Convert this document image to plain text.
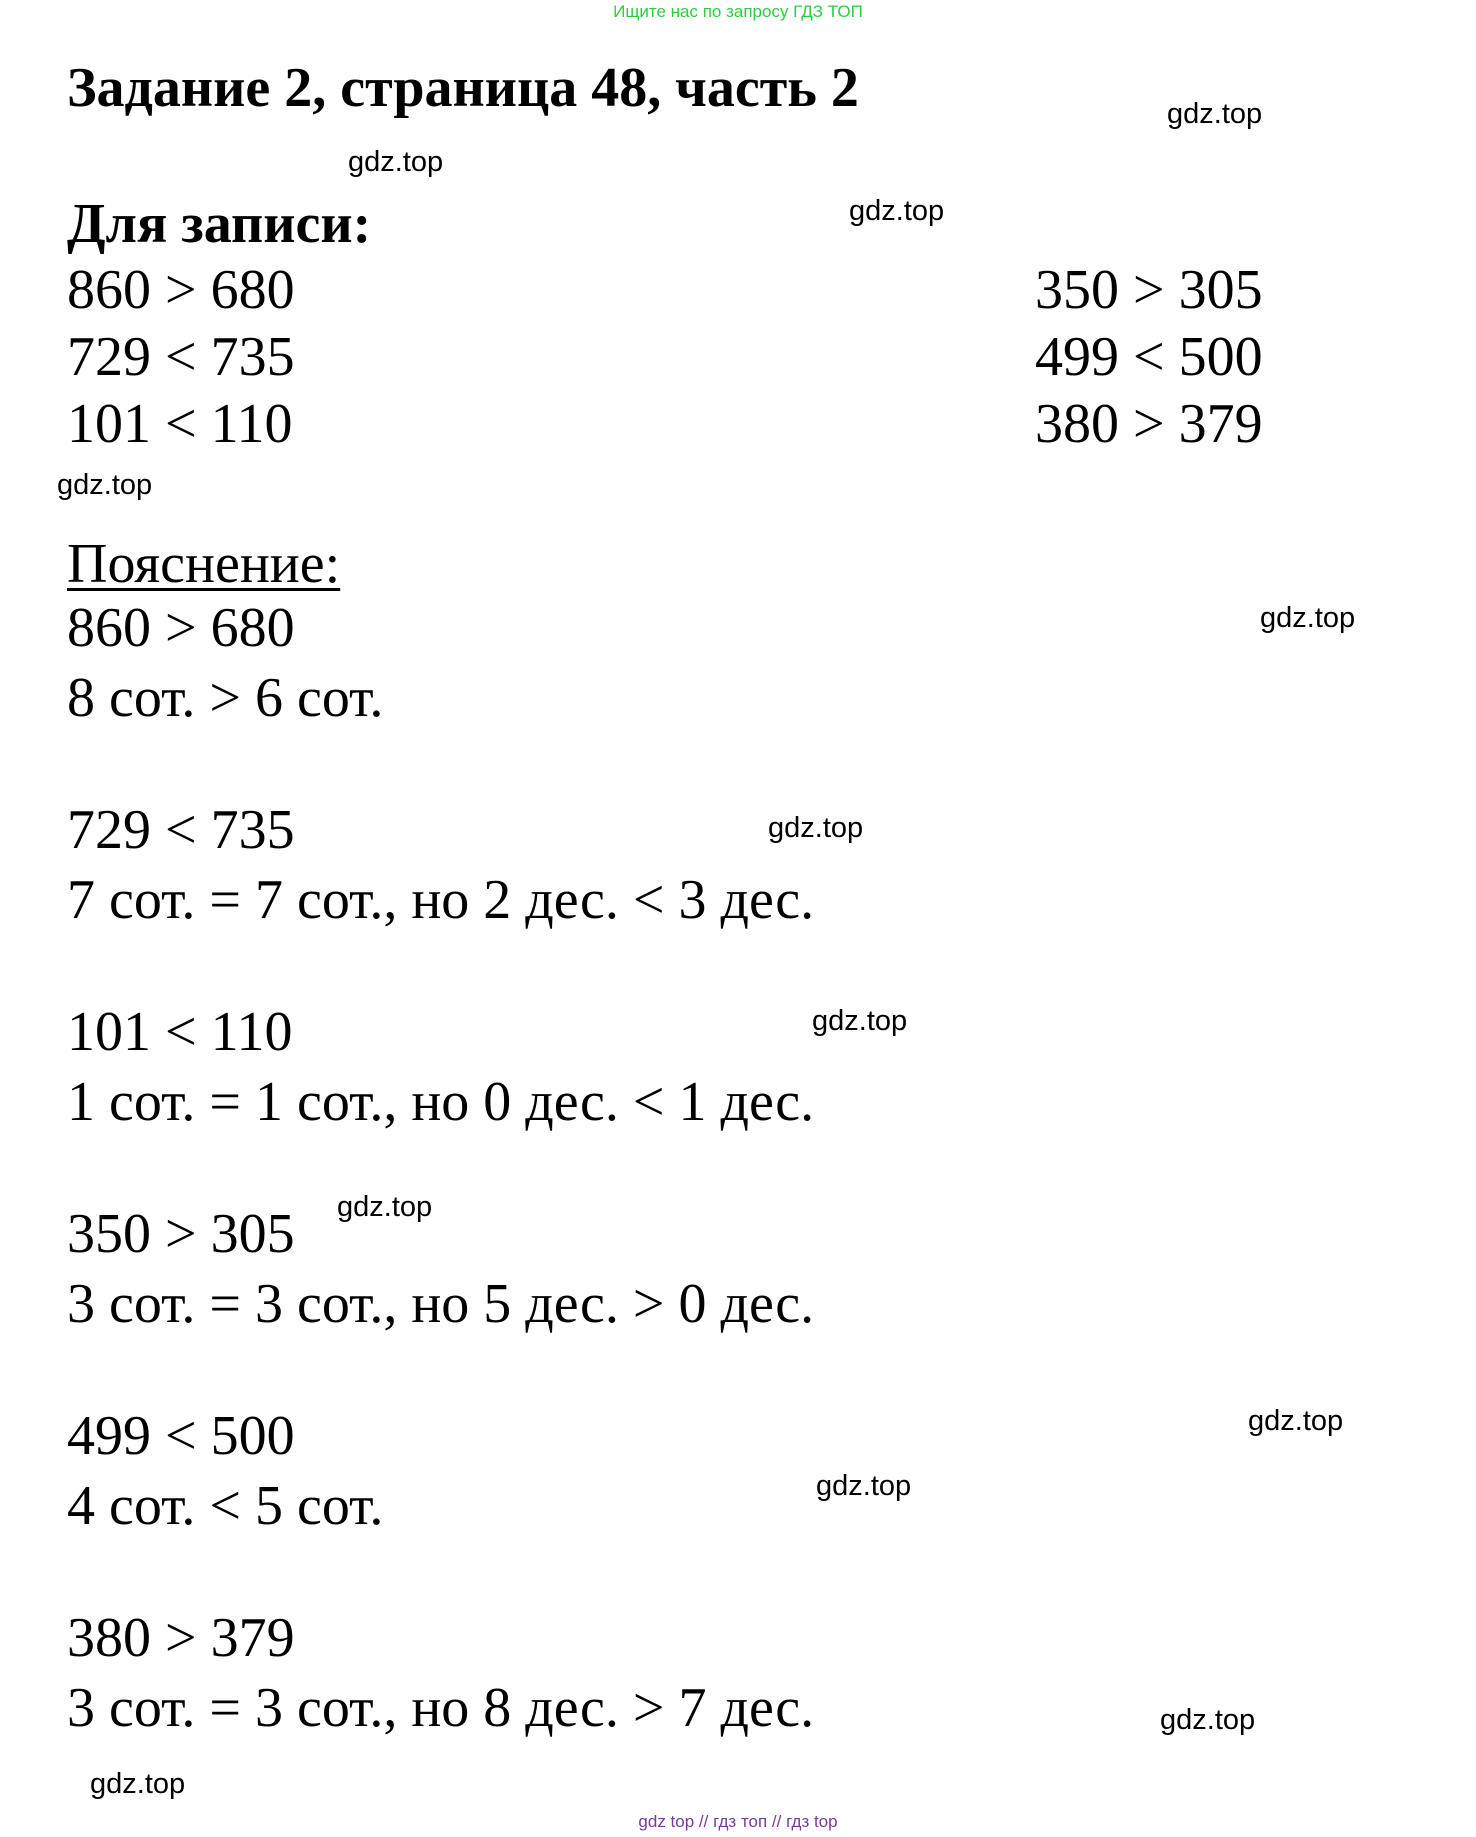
Ищите нас по запросу ГДЗ ТОП
Задание 2, страница 48, часть 2
Для записи:
860 > 680
729 < 735
101 < 110
350 > 305
499 < 500
380 > 379
Пояснение:
860 > 680
8 сот. > 6 сот.
729 < 735
7 сот. = 7 сот., но 2 дес. < 3 дес.
101 < 110
1 сот. = 1 сот., но 0 дес. < 1 дес.
350 > 305
3 сот. = 3 сот., но 5 дес. > 0 дес.
499 < 500
4 сот. < 5 сот.
380 > 379
3 сот. = 3 сот., но 8 дес. > 7 дес.
gdz.top
gdz.top
gdz.top
gdz.top
gdz.top
gdz.top
gdz.top
gdz.top
gdz.top
gdz.top
gdz.top
gdz.top
gdz top // гдз топ // гдз top
